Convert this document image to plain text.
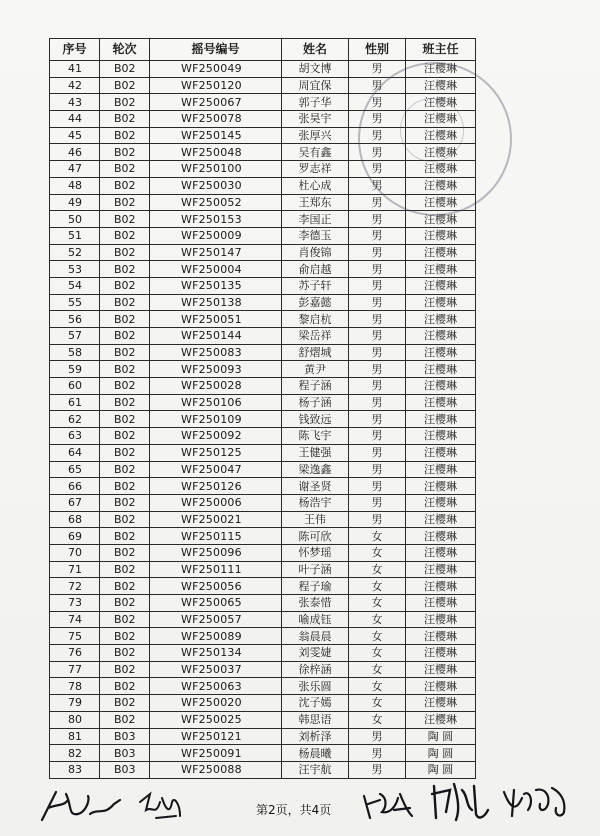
序号	轮次	摇号编号	姓名	性别	班主任
41	B02	WF250049	胡文博	男	汪樱琳
42	B02	WF250120	周宜保	男	汪樱琳
43	B02	WF250067	郭子华	男	汪樱琳
44	B02	WF250078	张昊宇	男	汪樱琳
45	B02	WF250145	张厚兴	男	汪樱琳
46	B02	WF250048	吴有鑫	男	汪樱琳
47	B02	WF250100	罗志祥	男	汪樱琳
48	B02	WF250030	杜心成	男	汪樱琳
49	B02	WF250052	王郑东	男	汪樱琳
50	B02	WF250153	李国正	男	汪樱琳
51	B02	WF250009	李德玉	男	汪樱琳
52	B02	WF250147	肖俊锦	男	汪樱琳
53	B02	WF250004	俞启越	男	汪樱琳
54	B02	WF250135	苏子轩	男	汪樱琳
55	B02	WF250138	彭嘉懿	男	汪樱琳
56	B02	WF250051	黎启杭	男	汪樱琳
57	B02	WF250144	梁岳祥	男	汪樱琳
58	B02	WF250083	舒熠城	男	汪樱琳
59	B02	WF250093	黄尹	男	汪樱琳
60	B02	WF250028	程子涵	男	汪樱琳
61	B02	WF250106	杨子涵	男	汪樱琳
62	B02	WF250109	钱致远	男	汪樱琳
63	B02	WF250092	陈飞宇	男	汪樱琳
64	B02	WF250125	王健强	男	汪樱琳
65	B02	WF250047	梁逸鑫	男	汪樱琳
66	B02	WF250126	谢圣贤	男	汪樱琳
67	B02	WF250006	杨浩宇	男	汪樱琳
68	B02	WF250021	王伟	男	汪樱琳
69	B02	WF250115	陈可欣	女	汪樱琳
70	B02	WF250096	怀梦瑶	女	汪樱琳
71	B02	WF250111	叶子涵	女	汪樱琳
72	B02	WF250056	程子瑜	女	汪樱琳
73	B02	WF250065	张泰惜	女	汪樱琳
74	B02	WF250057	喻成钰	女	汪樱琳
75	B02	WF250089	翁晨晨	女	汪樱琳
76	B02	WF250134	刘雯婕	女	汪樱琳
77	B02	WF250037	徐梓涵	女	汪樱琳
78	B02	WF250063	张乐圆	女	汪樱琳
79	B02	WF250020	沈子嫣	女	汪樱琳
80	B02	WF250025	韩思语	女	汪樱琳
81	B03	WF250121	刘析泽	男	陶 圆
82	B03	WF250091	杨晨曦	男	陶 圆
83	B03	WF250088	汪宇航	男	陶 圆
第2页，共4页
